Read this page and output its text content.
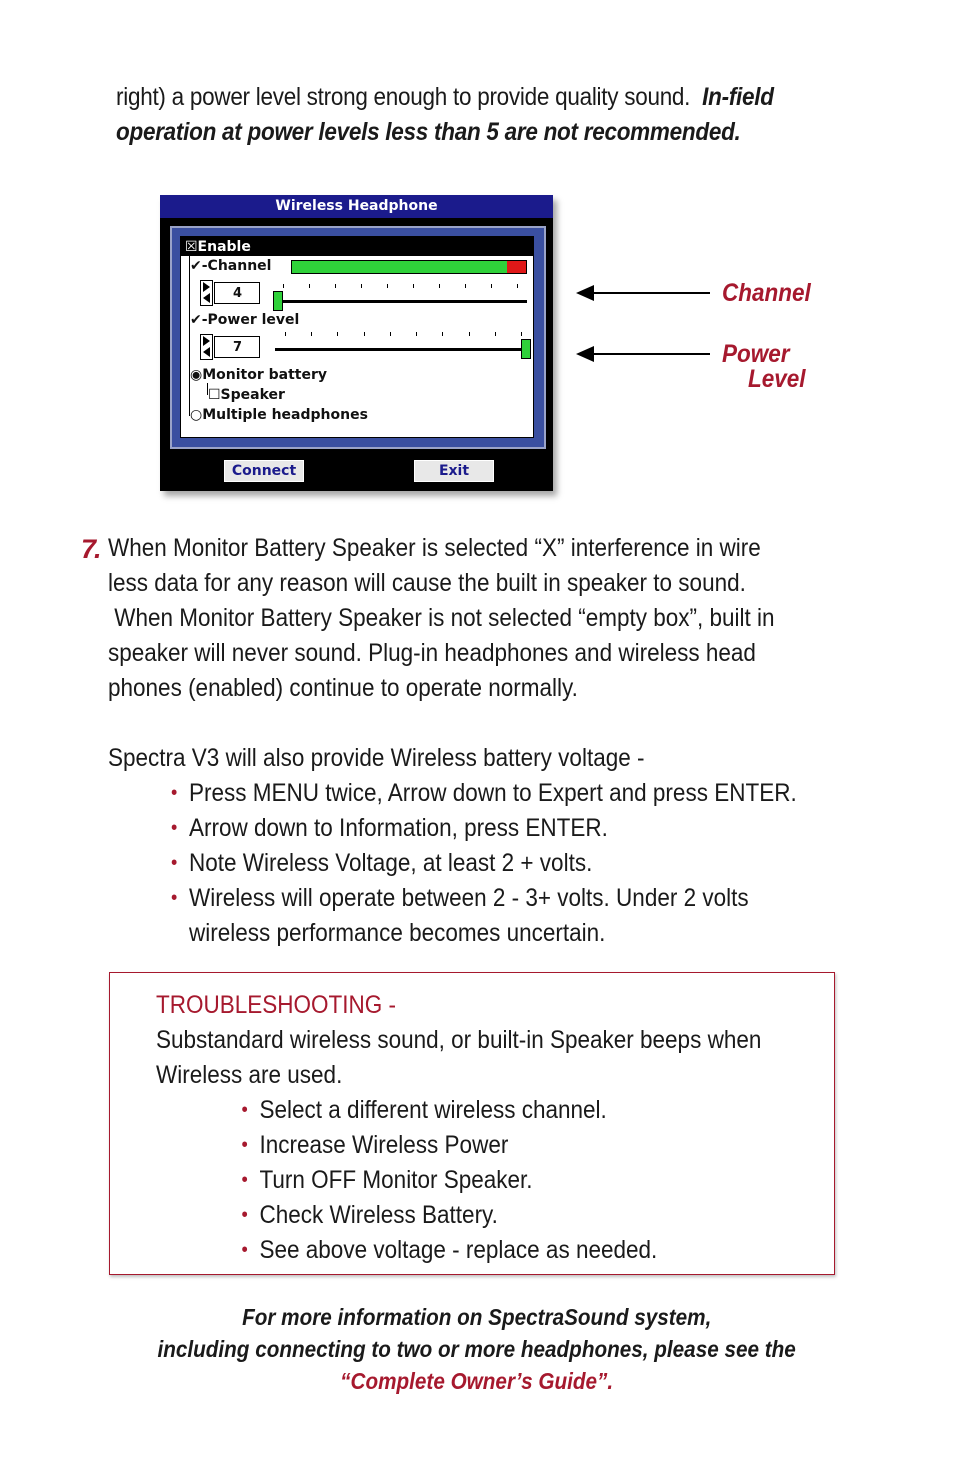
right) a power level strong enough to provide quality sound. In-field operation at power levels less than 5 are not recommended.
Wireless Headphone
☒Enable
✔-Channel
4
✔-Power level
7
◉Monitor battery
☐Speaker
○Multiple headphones
Connect	Exit
Channel
Power
Level
7. When Monitor Battery Speaker is selected “X” interference in wire

less data for any reason will cause the built in speaker to sound.

When Monitor Battery Speaker is not selected “empty box”, built in

speaker will never sound. Plug-in headphones and wireless head

phones (enabled) continue to operate normally.

Spectra V3 will also provide Wireless battery voltage -

• Press MENU twice, Arrow down to Expert and press ENTER.
• Arrow down to Information, press ENTER.
• Note Wireless Voltage, at least 2 + volts.
• Wireless will operate between 2 - 3+ volts. Under 2 volts

wireless performance becomes uncertain.

TROUBLESHOOTING -
Substandard wireless sound, or built-in Speaker beeps when
Wireless are used.
• Select a different wireless channel.
• Increase Wireless Power
• Turn OFF Monitor Speaker.
• Check Wireless Battery.
• See above voltage - replace as needed.
For more information on SpectraSound system,
including connecting to two or more headphones, please see the
“Complete Owner’s Guide”.
